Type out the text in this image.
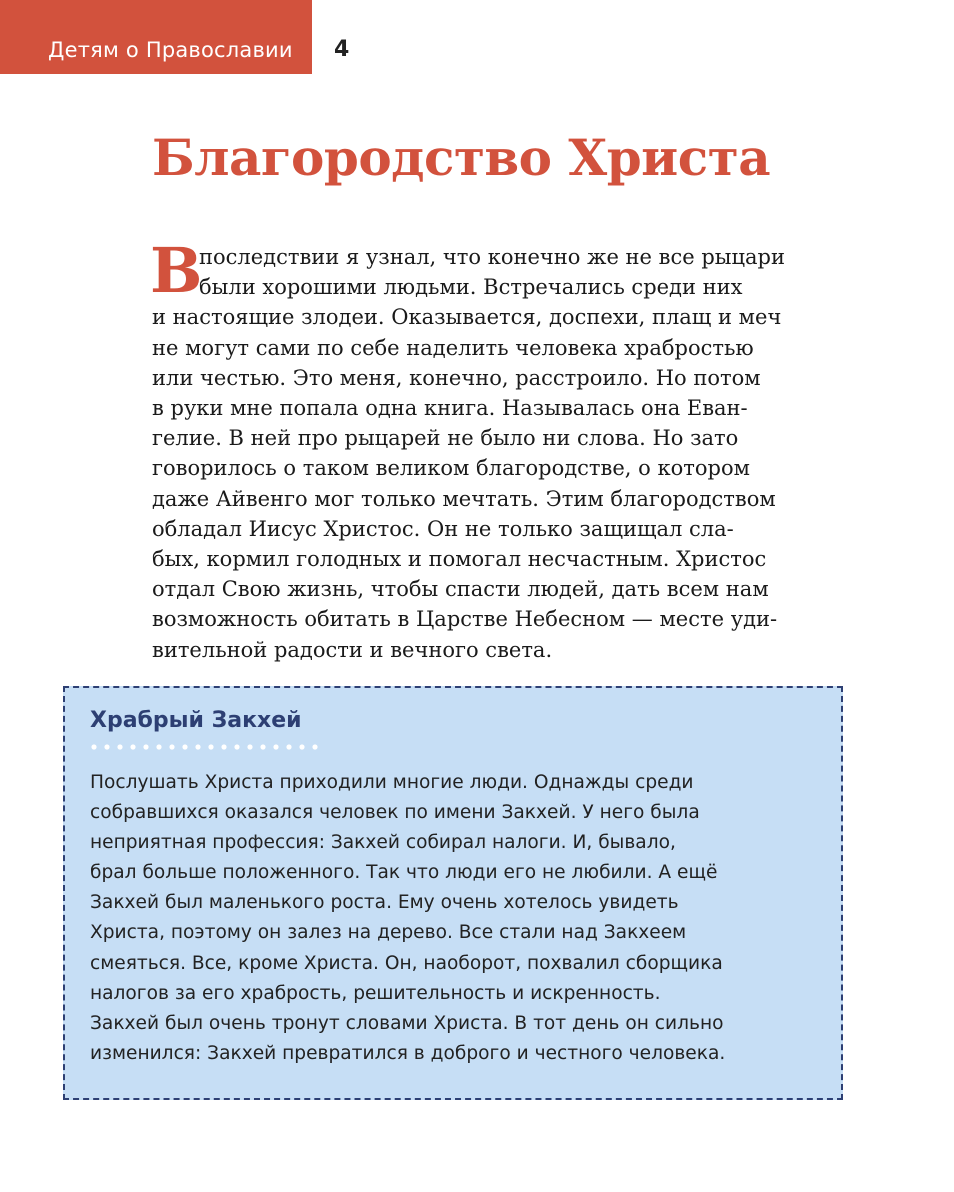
Детям о Православии 4
Благородство Христа
В
последствии я узнал, что конечно же не все рыцари
были хорошими людьми. Встречались среди них
и настоящие злодеи. Оказывается, доспехи, плащ и меч
не могут сами по себе наделить человека храбростью
или честью. Это меня, конечно, расстроило. Но потом
в руки мне попала одна книга. Называлась она Еван-
гелие. В ней про рыцарей не было ни слова. Но зато
говорилось о таком великом благородстве, о котором
даже Айвенго мог только мечтать. Этим благородством
обладал Иисус Христос. Он не только защищал сла-
бых, кормил голодных и помогал несчастным. Христос
отдал Свою жизнь, чтобы спасти людей, дать всем нам
возможность обитать в Царстве Небесном — месте уди-
вительной радости и вечного света.
Храбрый Закхей
Послушать Христа приходили многие люди. Однажды среди
собравшихся оказался человек по имени Закхей. У него была
неприятная профессия: Закхей собирал налоги. И, бывало,
брал больше положенного. Так что люди его не любили. А ещё
Закхей был маленького роста. Ему очень хотелось увидеть
Христа, поэтому он залез на дерево. Все стали над Закхеем
смеяться. Все, кроме Христа. Он, наоборот, похвалил сборщика
налогов за его храбрость, решительность и искренность.
Закхей был очень тронут словами Христа. В тот день он сильно
изменился: Закхей превратился в доброго и честного человека.
